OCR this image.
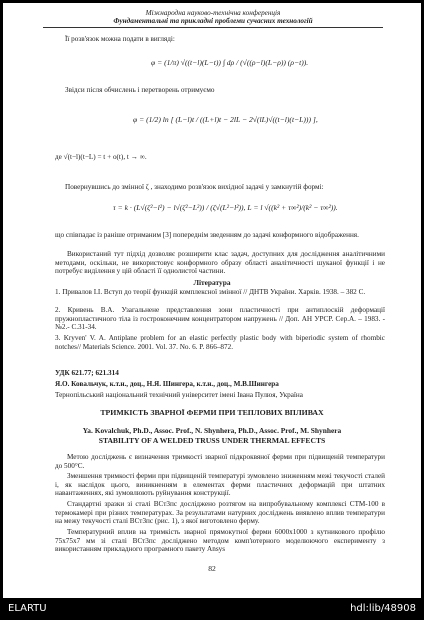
Міжнародна науково-технічна конференція
Фундаментальні та прикладні проблеми сучасних технологій
Її розв'язок можна подати в вигляді:
φ = (1/π) √((t−l)(L−t)) ∫ dρ / (√((ρ−l)(L−ρ)) (ρ−t)).
Звідси після обчислень і перетворень отримуємо
φ = (1/2) ln [ (L−l)t / ((L+l)t − 2lL − 2√(lL)√((t−l)(t−L))) ],
де √(t−l)(t−L) = t + o(t), t → ∞.
Повернувшись до змінної ζ , знаходимо розв'язок вихідної задачі у замкнутій формі:
τ = k · (L√(ζ²−l²) − l√(ζ²−L²)) / (ζ√(L²−l²)), L = l √((k² + τ∞²)/(k² − τ∞²)).
що співпадає із раніше отриманим [3] попереднім зведенням до задачі конформного відображення.
Використаний тут підхід дозволяє розширити клас задач, доступних для дослідження аналітичними методами, оскільки, не використовує конформного образу області аналітичності шуканої функції і не потребує виділення у цій області її однолистої частини.
Література
1. Привалов І.І. Вступ до теорії функцій комплексної змінної // ДНТВ України. Харків. 1938. – 382 С.
2. Кривень В.А. Узагальнене представлення зони пластичності при антиплоскій деформації пружнопластичного тіла із гостроконечним концентратором напружень // Доп. АН УРСР. Сер.А. – 1983. - №2.- С.31-34.
3. Kryven' V. A. Antiplane problem for an elastic perfectly plastic body with biperiodic system of rhombic notches// Materials Science. 2001. Vol. 37. No. 6. P. 866–872.
УДК 621.77; 621.314
Я.О. Ковальчук, к.т.н., доц., Н.Я. Шингера, к.т.н., доц., М.В.Шингера
Тернопільський національний технічний університет імені Івана Пулюя, Україна
ТРИМКІСТЬ ЗВАРНОЇ ФЕРМИ ПРИ ТЕПЛОВИХ ВПЛИВАХ
Ya. Kovalchuk, Ph.D., Assoc. Prof., N. Shynhera, Ph.D., Assoc. Prof., M. Shynhera
STABILITY OF A WELDED TRUSS UNDER THERMAL EFFECTS
Метою досліджень є визначення тримкості зварної підкроквяної ферми при підвищеній температури до 500°С.
Зменшення тримкості ферми при підвищеній температурі зумовлено зниженням межі текучості сталей і, як наслідок цього, виникненням в елементах ферми пластичних деформацій при штатних навантаженнях, які зумовлюють руйнування конструкції.
Стандартні зразки зі сталі ВСт3пс досліджено розтягом на випробувальному комплексі СТМ-100 в термокамері при різних температурах. За результатами натурних досліджень виявлено вплив температури на межу текучості сталі ВСт3пс (рис. 1), з якої виготовлено ферму.
Температурний вплив на тримкість зварної прямокутної ферми 6000х1000 з кутникового профілю 75х75х7 мм зі сталі ВСт3пс досліджено методом комп'ютерного моделюючого експерименту з використанням прикладного програмного пакету Ansys
82
ELARTU	hdl:lib/48908
